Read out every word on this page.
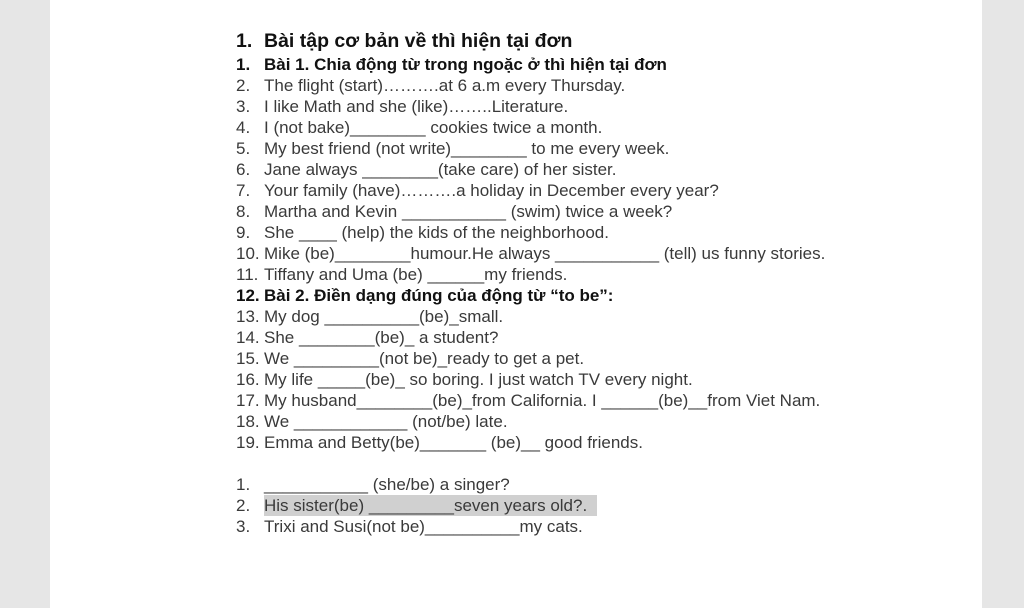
1. Bài tập cơ bản về thì hiện tại đơn
1. Bài 1. Chia động từ trong ngoặc ở thì hiện tại đơn
2. The flight (start)……….at 6 a.m every Thursday.
3. I like Math and she (like)……..Literature.
4. I (not bake)________ cookies twice a month.
5. My best friend (not write)________ to me every week.
6. Jane always ________(take care) of her sister.
7. Your family (have)……….a holiday in December every year?
8. Martha and Kevin ___________ (swim) twice a week?
9. She ____ (help) the kids of the neighborhood.
10. Mike (be)________humour.He always ___________ (tell) us funny stories.
11. Tiffany and Uma (be) ______my friends.
12. Bài 2. Điền dạng đúng của động từ “to be”:
13. My dog __________(be)_small.
14. She ________(be)_ a student?
15. We _________(not be)_ready to get a pet.
16. My life _____(be)_ so boring. I just watch TV every night.
17. My husband________(be)_from California. I ______(be)__from Viet Nam.
18. We ____________ (not/be) late.
19. Emma and Betty(be)_______ (be)__ good friends.
1. ___________ (she/be) a singer?
2. His sister(be) _________seven years old?.
3. Trixi and Susi(not be)__________my cats.
